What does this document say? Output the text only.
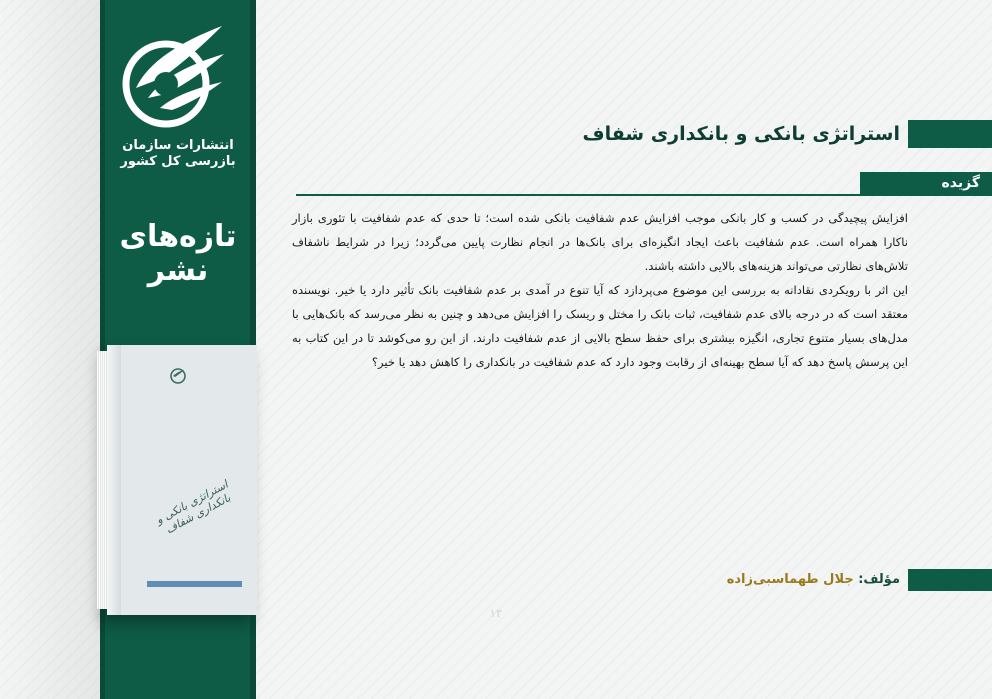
انتشارات سازمان
بازرسی کل کشور
تازه‌های
نشر
استراتژی بانکی و بانکداری شفاف
۱۲
استراتژی بانکی و بانکداری شفاف
گزیده

افزایش پیچیدگی در کسب و کار بانکی موجب افزایش عدم شفافیت بانکی شده است؛ تا حدی که عدم شفافیت با تئوری بازار ناکارا همراه است. عدم شفافیت باعث ایجاد انگیزه‌ای برای بانک‌ها در انجام نظارت پایین می‌گردد؛ زیرا در شرایط ناشفاف تلاش‌های نظارتی می‌تواند هزینه‌های بالایی داشته باشند.

این اثر با رویکردی نقادانه به بررسی این موضوع می‌پردازد که آیا تنوع در آمدی بر عدم شفافیت بانک تأثیر دارد یا خیر. نویسنده معتقد است که در درجه بالای عدم شفافیت، ثبات بانک را مختل و ریسک را افزایش می‌دهد و چنین به نظر می‌رسد که بانک‌هایی با مدل‌های بسیار متنوع تجاری، انگیزه بیشتری برای حفظ سطح بالایی از عدم شفافیت دارند. از این رو می‌کوشد تا در این کتاب به این پرسش پاسخ دهد که آیا سطح بهینه‌ای از رقابت وجود دارد که عدم شفافیت در بانکداری را کاهش دهد یا خیر؟

مؤلف: جلال طهماسبی‌زاده
